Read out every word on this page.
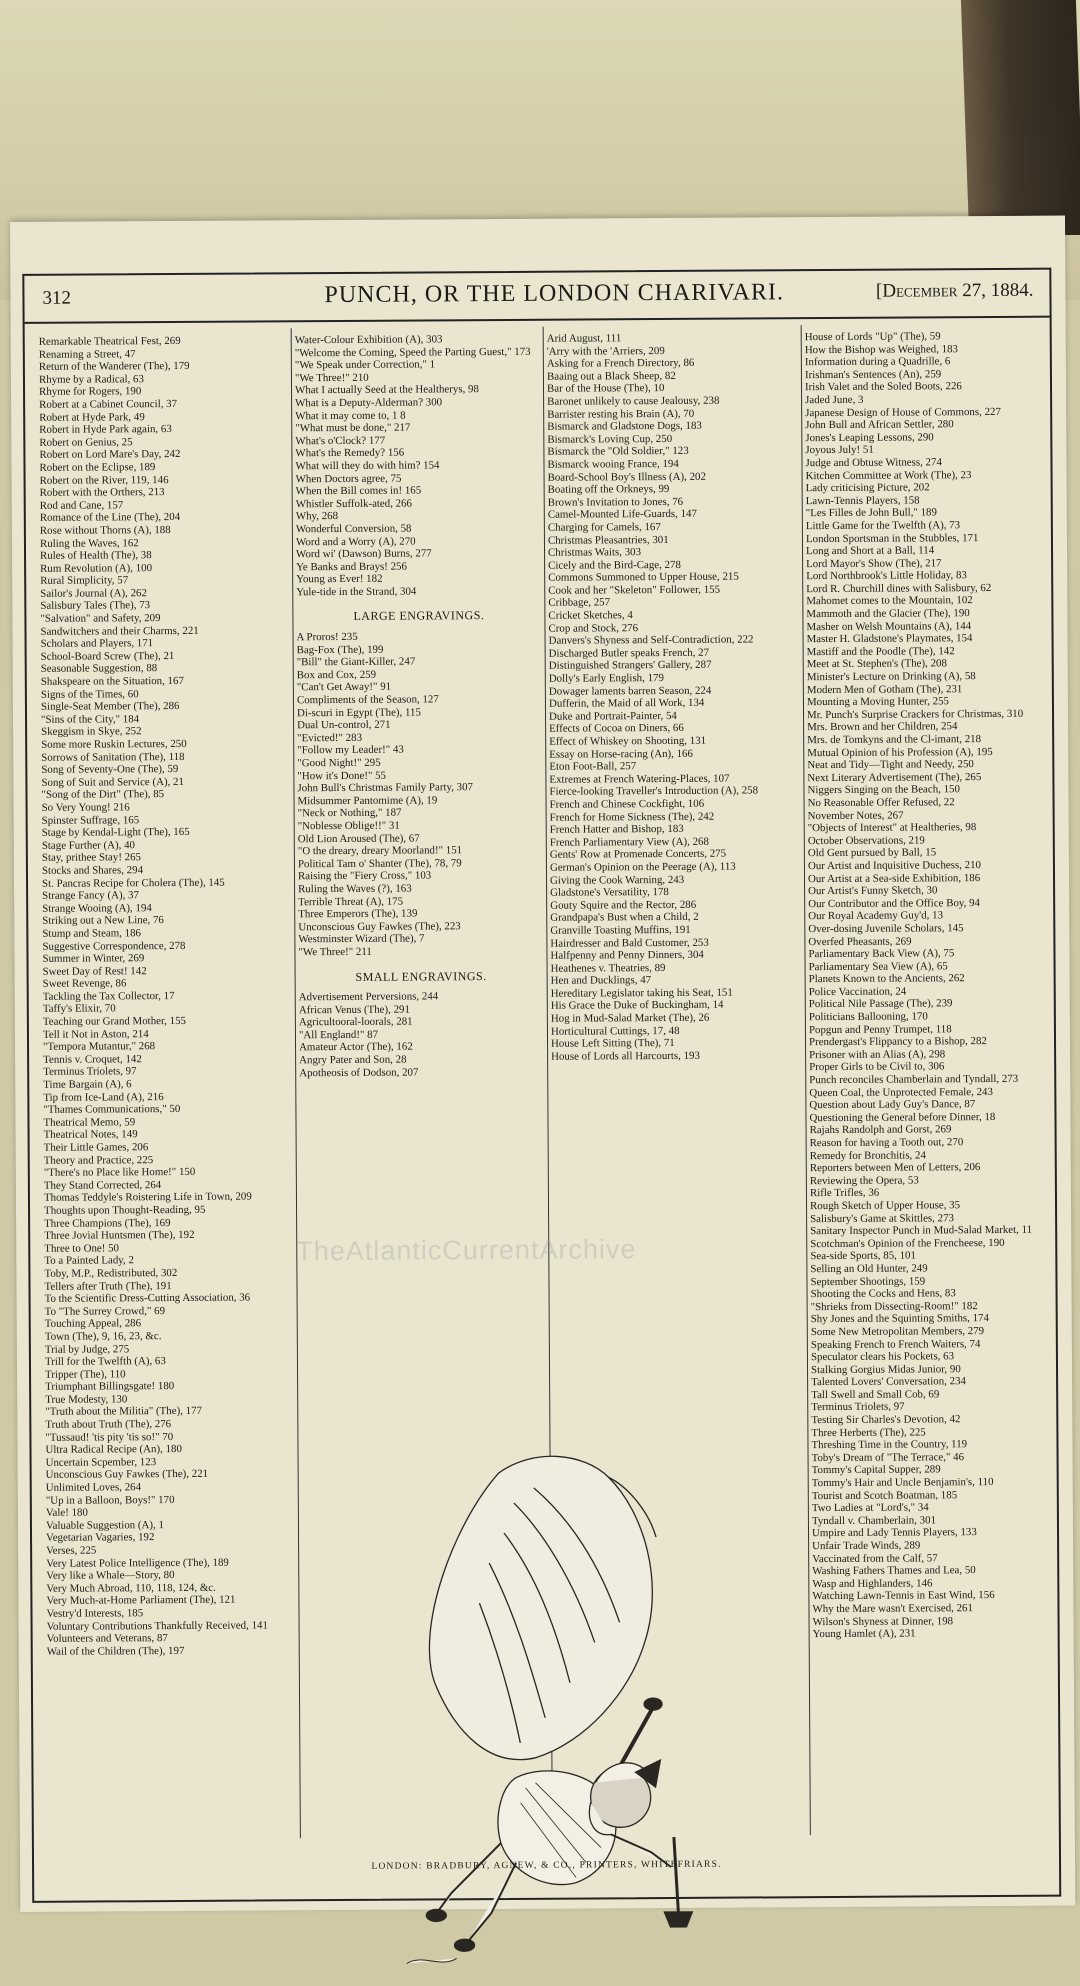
312	PUNCH, OR THE LONDON CHARIVARI.	[December 27, 1884.
Remarkable Theatrical Fest, 269
Renaming a Street, 47
Return of the Wanderer (The), 179
Rhyme by a Radical, 63
Rhyme for Rogers, 190
Robert at a Cabinet Council, 37
Robert at Hyde Park, 49
Robert in Hyde Park again, 63
Robert on Genius, 25
Robert on Lord Mare's Day, 242
Robert on the Eclipse, 189
Robert on the River, 119, 146
Robert with the Orthers, 213
Rod and Cane, 157
Romance of the Line (The), 204
Rose without Thorns (A), 188
Ruling the Waves, 162
Rules of Health (The), 38
Rum Revolution (A), 100
Rural Simplicity, 57
Sailor's Journal (A), 262
Salisbury Tales (The), 73
"Salvation" and Safety, 209
Sandwitchers and their Charms, 221
Scholars and Players, 171
School-Board Screw (The), 21
Seasonable Suggestion, 88
Shakspeare on the Situation, 167
Signs of the Times, 60
Single-Seat Member (The), 286
"Sins of the City," 184
Skeggism in Skye, 252
Some more Ruskin Lectures, 250
Sorrows of Sanitation (The), 118
Song of Seventy-One (The), 59
Song of Suit and Service (A), 21
"Song of the Dirt" (The), 85
So Very Young! 216
Spinster Suffrage, 165
Stage by Kendal-Light (The), 165
Stage Further (A), 40
Stay, prithee Stay! 265
Stocks and Shares, 294
St. Pancras Recipe for Cholera (The), 145
Strange Fancy (A), 37
Strange Wooing (A), 194
Striking out a New Line, 76
Stump and Steam, 186
Suggestive Correspondence, 278
Summer in Winter, 269
Sweet Day of Rest! 142
Sweet Revenge, 86
Tackling the Tax Collector, 17
Taffy's Elixir, 70
Teaching our Grand Mother, 155
Tell it Not in Aston, 214
"Tempora Mutantur," 268
Tennis v. Croquet, 142
Terminus Triolets, 97
Time Bargain (A), 6
Tip from Ice-Land (A), 216
"Thames Communications," 50
Theatrical Memo, 59
Theatrical Notes, 149
Their Little Games, 206
Theory and Practice, 225
"There's no Place like Home!" 150
They Stand Corrected, 264
Thomas Teddyle's Roistering Life in Town, 209
Thoughts upon Thought-Reading, 95
Three Champions (The), 169
Three Jovial Huntsmen (The), 192
Three to One! 50
To a Painted Lady, 2
Toby, M.P., Redistributed, 302
Tellers after Truth (The), 191
To the Scientific Dress-Cutting Association, 36
To "The Surrey Crowd," 69
Touching Appeal, 286
Town (The), 9, 16, 23, &c.
Trial by Judge, 275
Trill for the Twelfth (A), 63
Tripper (The), 110
Triumphant Billingsgate! 180
True Modesty, 130
"Truth about the Militia" (The), 177
Truth about Truth (The), 276
"Tussaud! 'tis pity 'tis so!" 70
Ultra Radical Recipe (An), 180
Uncertain Scpember, 123
Unconscious Guy Fawkes (The), 221
Unlimited Loves, 264
"Up in a Balloon, Boys!" 170
Vale! 180
Valuable Suggestion (A), 1
Vegetarian Vagaries, 192
Verses, 225
Very Latest Police Intelligence (The), 189
Very like a Whale—Story, 80
Very Much Abroad, 110, 118, 124, &c.
Very Much-at-Home Parliament (The), 121
Vestry'd Interests, 185
Voluntary Contributions Thankfully Received, 141
Volunteers and Veterans, 87
Wail of the Children (The), 197
Water-Colour Exhibition (A), 303
"Welcome the Coming, Speed the Parting Guest," 173
"We Speak under Correction," 1
"We Three!" 210
What I actually Seed at the Healtherys, 98
What is a Deputy-Alderman? 300
What it may come to, 1 8
"What must be done," 217
What's o'Clock? 177
What's the Remedy? 156
What will they do with him? 154
When Doctors agree, 75
When the Bill comes in! 165
Whistler Suffolk-ated, 266
Why, 268
Wonderful Conversion, 58
Word and a Worry (A), 270
Word wi' (Dawson) Burns, 277
Ye Banks and Brays! 256
Young as Ever! 182
Yule-tide in the Strand, 304
LARGE ENGRAVINGS.
A Proros! 235
Bag-Fox (The), 199
"Bill" the Giant-Killer, 247
Box and Cox, 259
"Can't Get Away!" 91
Compliments of the Season, 127
Di-scuri in Egypt (The), 115
Dual Un-control, 271
"Evicted!" 283
"Follow my Leader!" 43
"Good Night!" 295
"How it's Done!" 55
John Bull's Christmas Family Party, 307
Midsummer Pantomime (A), 19
"Neck or Nothing," 187
"Noblesse Oblige!!" 31
Old Lion Aroused (The), 67
"O the dreary, dreary Moorland!" 151
Political Tam o' Shanter (The), 78, 79
Raising the "Fiery Cross," 103
Ruling the Waves (?), 163
Terrible Threat (A), 175
Three Emperors (The), 139
Unconscious Guy Fawkes (The), 223
Westminster Wizard (The), 7
"We Three!" 211
SMALL ENGRAVINGS.
Advertisement Perversions, 244
African Venus (The), 291
Agricultooral-loorals, 281
"All England!" 87
Amateur Actor (The), 162
Angry Pater and Son, 28
Apotheosis of Dodson, 207
Arid August, 111
'Arry with the 'Arriers, 209
Asking for a French Directory, 86
Baaing out a Black Sheep, 82
Bar of the House (The), 10
Baronet unlikely to cause Jealousy, 238
Barrister resting his Brain (A), 70
Bismarck and Gladstone Dogs, 183
Bismarck's Loving Cup, 250
Bismarck the "Old Soldier," 123
Bismarck wooing France, 194
Board-School Boy's Illness (A), 202
Boating off the Orkneys, 99
Brown's Invitation to Jones, 76
Camel-Mounted Life-Guards, 147
Charging for Camels, 167
Christmas Pleasantries, 301
Christmas Waits, 303
Cicely and the Bird-Cage, 278
Commons Summoned to Upper House, 215
Cook and her "Skeleton" Follower, 155
Cribbage, 257
Cricket Sketches, 4
Crop and Stock, 276
Danvers's Shyness and Self-Contradiction, 222
Discharged Butler speaks French, 27
Distinguished Strangers' Gallery, 287
Dolly's Early English, 179
Dowager laments barren Season, 224
Dufferin, the Maid of all Work, 134
Duke and Portrait-Painter, 54
Effects of Cocoa on Diners, 66
Effect of Whiskey on Shooting, 131
Essay on Horse-racing (An), 166
Eton Foot-Ball, 257
Extremes at French Watering-Places, 107
Fierce-looking Traveller's Introduction (A), 258
French and Chinese Cockfight, 106
French for Home Sickness (The), 242
French Hatter and Bishop, 183
French Parliamentary View (A), 268
Gents' Row at Promenade Concerts, 275
German's Opinion on the Peerage (A), 113
Giving the Cook Warning, 243
Gladstone's Versatility, 178
Gouty Squire and the Rector, 286
Grandpapa's Bust when a Child, 2
Granville Toasting Muffins, 191
Hairdresser and Bald Customer, 253
Halfpenny and Penny Dinners, 304
Heathenes v. Theatries, 89
Hen and Ducklings, 47
Hereditary Legislator taking his Seat, 151
His Grace the Duke of Buckingham, 14
Hog in Mud-Salad Market (The), 26
Horticultural Cuttings, 17, 48
House Left Sitting (The), 71
House of Lords all Harcourts, 193
House of Lords "Up" (The), 59
How the Bishop was Weighed, 183
Information during a Quadrille, 6
Irishman's Sentences (An), 259
Irish Valet and the Soled Boots, 226
Jaded June, 3
Japanese Design of House of Commons, 227
John Bull and African Settler, 280
Jones's Leaping Lessons, 290
Joyous July! 51
Judge and Obtuse Witness, 274
Kitchen Committee at Work (The), 23
Lady criticising Picture, 202
Lawn-Tennis Players, 158
"Les Filles de John Bull," 189
Little Game for the Twelfth (A), 73
London Sportsman in the Stubbles, 171
Long and Short at a Ball, 114
Lord Mayor's Show (The), 217
Lord Northbrook's Little Holiday, 83
Lord R. Churchill dines with Salisbury, 62
Mahomet comes to the Mountain, 102
Mammoth and the Glacier (The), 190
Masher on Welsh Mountains (A), 144
Master H. Gladstone's Playmates, 154
Mastiff and the Poodle (The), 142
Meet at St. Stephen's (The), 208
Minister's Lecture on Drinking (A), 58
Modern Men of Gotham (The), 231
Mounting a Moving Hunter, 255
Mr. Punch's Surprise Crackers for Christmas, 310
Mrs. Brown and her Children, 254
Mrs. de Tomkyns and the Cl-imant, 218
Mutual Opinion of his Profession (A), 195
Neat and Tidy—Tight and Needy, 250
Next Literary Advertisement (The), 265
Niggers Singing on the Beach, 150
No Reasonable Offer Refused, 22
November Notes, 267
"Objects of Interest" at Healtheries, 98
October Observations, 219
Old Gent pursued by Ball, 15
Our Artist and Inquisitive Duchess, 210
Our Artist at a Sea-side Exhibition, 186
Our Artist's Funny Sketch, 30
Our Contributor and the Office Boy, 94
Our Royal Academy Guy'd, 13
Over-dosing Juvenile Scholars, 145
Overfed Pheasants, 269
Parliamentary Back View (A), 75
Parliamentary Sea View (A), 65
Planets Known to the Ancients, 262
Police Vaccination, 24
Political Nile Passage (The), 239
Politicians Ballooning, 170
Popgun and Penny Trumpet, 118
Prendergast's Flippancy to a Bishop, 282
Prisoner with an Alias (A), 298
Proper Girls to be Civil to, 306
Punch reconciles Chamberlain and Tyndall, 273
Queen Coal, the Unprotected Female, 243
Question about Lady Guy's Dance, 87
Questioning the General before Dinner, 18
Rajahs Randolph and Gorst, 269
Reason for having a Tooth out, 270
Remedy for Bronchitis, 24
Reporters between Men of Letters, 206
Reviewing the Opera, 53
Rifle Trifles, 36
Rough Sketch of Upper House, 35
Salisbury's Game at Skittles, 273
Sanitary Inspector Punch in Mud-Salad Market, 11
Scotchman's Opinion of the Frencheese, 190
Sea-side Sports, 85, 101
Selling an Old Hunter, 249
September Shootings, 159
Shooting the Cocks and Hens, 83
"Shrieks from Dissecting-Room!" 182
Shy Jones and the Squinting Smiths, 174
Some New Metropolitan Members, 279
Speaking French to French Waiters, 74
Speculator clears his Pockets, 63
Stalking Gorgius Midas Junior, 90
Talented Lovers' Conversation, 234
Tall Swell and Small Cob, 69
Terminus Triolets, 97
Testing Sir Charles's Devotion, 42
Three Herberts (The), 225
Threshing Time in the Country, 119
Toby's Dream of "The Terrace," 46
Tommy's Capital Supper, 289
Tommy's Hair and Uncle Benjamin's, 110
Tourist and Scotch Boatman, 185
Two Ladies at "Lord's," 34
Tyndall v. Chamberlain, 301
Umpire and Lady Tennis Players, 133
Unfair Trade Winds, 289
Vaccinated from the Calf, 57
Washing Fathers Thames and Lea, 50
Wasp and Highlanders, 146
Watching Lawn-Tennis in East Wind, 156
Why the Mare wasn't Exercised, 261
Wilson's Shyness at Dinner, 198
Young Hamlet (A), 231
LONDON: BRADBURY, AGNEW, & CO., PRINTERS, WHITEFRIARS.
TheAtlanticCurrentArchive
